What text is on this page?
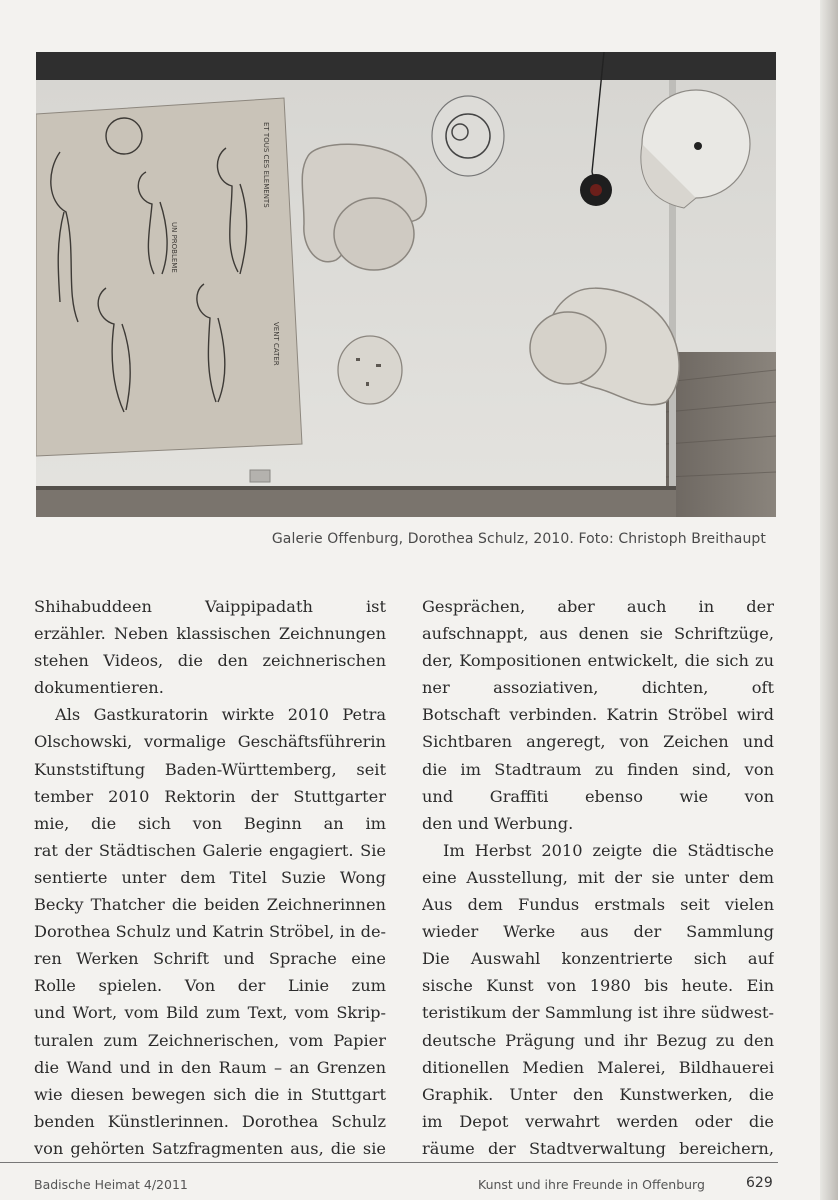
ET TOUS CES ELEMENTS
VENT CATER
UN PROBLEME
Galerie Offenburg, Dorothea Schulz, 2010. Foto: Christoph Breithaupt
Shihabuddeen Vaippipadath ist
erzähler. Neben klassischen Zeichnungen
stehen Videos, die den zeichnerischen
dokumentieren.
Als Gastkuratorin wirkte 2010 Petra
Olschowski, vormalige Geschäftsführerin
Kunststiftung Baden-Württemberg, seit
tember 2010 Rektorin der Stuttgarter
mie, die sich von Beginn an im
rat der Städtischen Galerie engagiert. Sie
sentierte unter dem Titel Suzie Wong
Becky Thatcher die beiden Zeichnerinnen
Dorothea Schulz und Katrin Ströbel, in de-
ren Werken Schrift und Sprache eine
Rolle spielen. Von der Linie zum
und Wort, vom Bild zum Text, vom Skrip-
turalen zum Zeichnerischen, vom Papier
die Wand und in den Raum – an Grenzen
wie diesen bewegen sich die in Stuttgart
benden Künstlerinnen. Dorothea Schulz
von gehörten Satzfragmenten aus, die sie
Gesprächen, aber auch in der
aufschnappt, aus denen sie Schriftzüge,
der, Kompositionen entwickelt, die sich zu
ner assoziativen, dichten, oft
Botschaft verbinden. Katrin Ströbel wird
Sichtbaren angeregt, von Zeichen und
die im Stadtraum zu finden sind, von
und Graffiti ebenso wie von
den und Werbung.
Im Herbst 2010 zeigte die Städtische
eine Ausstellung, mit der sie unter dem
Aus dem Fundus erstmals seit vielen
wieder Werke aus der Sammlung
Die Auswahl konzentrierte sich auf
sische Kunst von 1980 bis heute. Ein
teristikum der Sammlung ist ihre südwest-
deutsche Prägung und ihr Bezug zu den
ditionellen Medien Malerei, Bildhauerei
Graphik. Unter den Kunstwerken, die
im Depot verwahrt werden oder die
räume der Stadtverwaltung bereichern,
Badische Heimat 4/2011	Kunst und ihre Freunde in Offenburg	629
